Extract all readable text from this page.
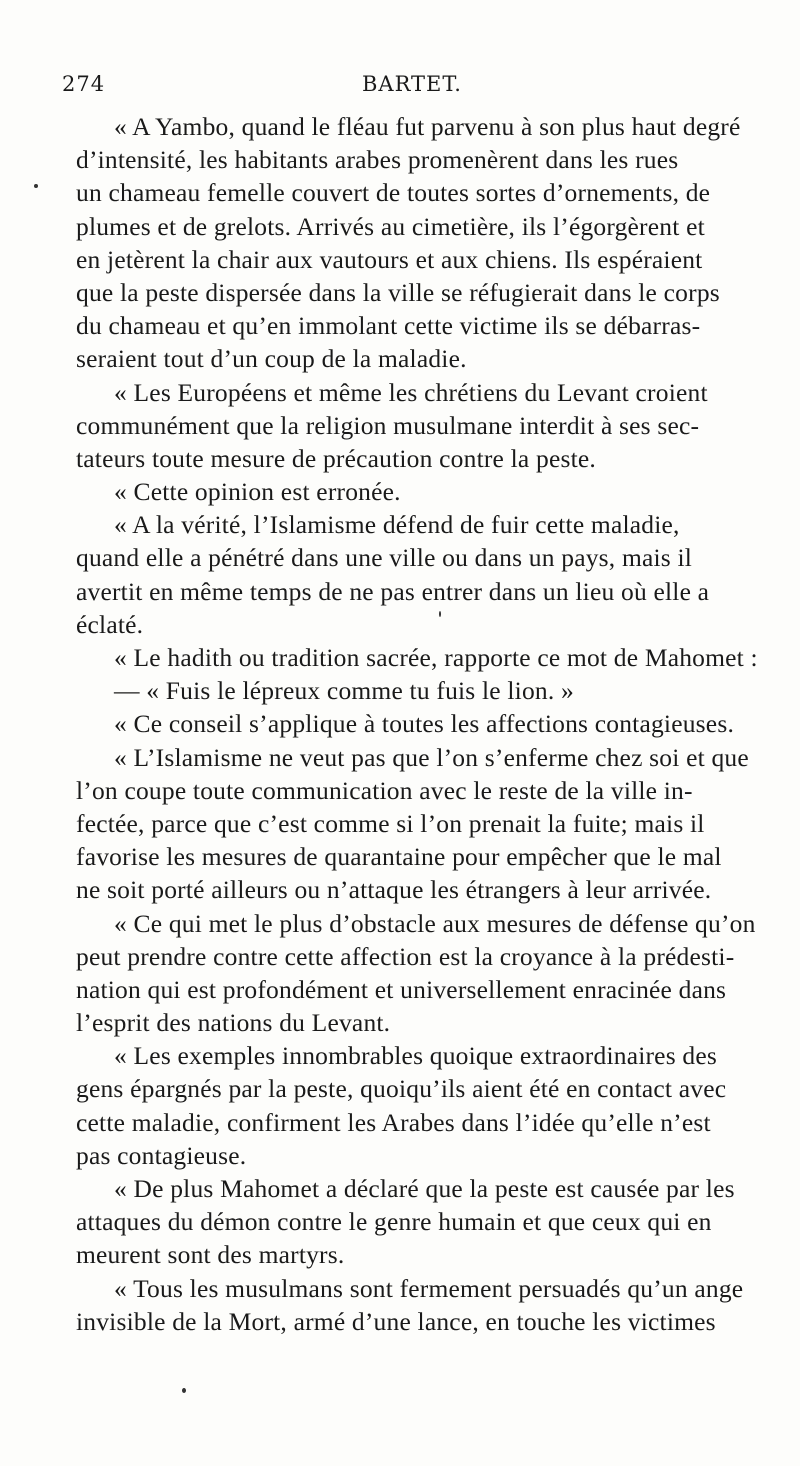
274	BARTET.
« A Yambo, quand le fléau fut parvenu à son plus haut degré
d’intensité, les habitants arabes promenèrent dans les rues
un chameau femelle couvert de toutes sortes d’ornements, de
plumes et de grelots. Arrivés au cimetière, ils l’égorgèrent et
en jetèrent la chair aux vautours et aux chiens. Ils espéraient
que la peste dispersée dans la ville se réfugierait dans le corps
du chameau et qu’en immolant cette victime ils se débarras-
seraient tout d’un coup de la maladie.
« Les Européens et même les chrétiens du Levant croient
communément que la religion musulmane interdit à ses sec-
tateurs toute mesure de précaution contre la peste.
« Cette opinion est erronée.
« A la vérité, l’Islamisme défend de fuir cette maladie,
quand elle a pénétré dans une ville ou dans un pays, mais il
avertit en même temps de ne pas entrer dans un lieu où elle a
éclaté.
« Le hadith ou tradition sacrée, rapporte ce mot de Mahomet :
— « Fuis le lépreux comme tu fuis le lion. »
« Ce conseil s’applique à toutes les affections contagieuses.
« L’Islamisme ne veut pas que l’on s’enferme chez soi et que
l’on coupe toute communication avec le reste de la ville in-
fectée, parce que c’est comme si l’on prenait la fuite; mais il
favorise les mesures de quarantaine pour empêcher que le mal
ne soit porté ailleurs ou n’attaque les étrangers à leur arrivée.
« Ce qui met le plus d’obstacle aux mesures de défense qu’on
peut prendre contre cette affection est la croyance à la prédesti-
nation qui est profondément et universellement enracinée dans
l’esprit des nations du Levant.
« Les exemples innombrables quoique extraordinaires des
gens épargnés par la peste, quoiqu’ils aient été en contact avec
cette maladie, confirment les Arabes dans l’idée qu’elle n’est
pas contagieuse.
« De plus Mahomet a déclaré que la peste est causée par les
attaques du démon contre le genre humain et que ceux qui en
meurent sont des martyrs.
« Tous les musulmans sont fermement persuadés qu’un ange
invisible de la Mort, armé d’une lance, en touche les victimes
